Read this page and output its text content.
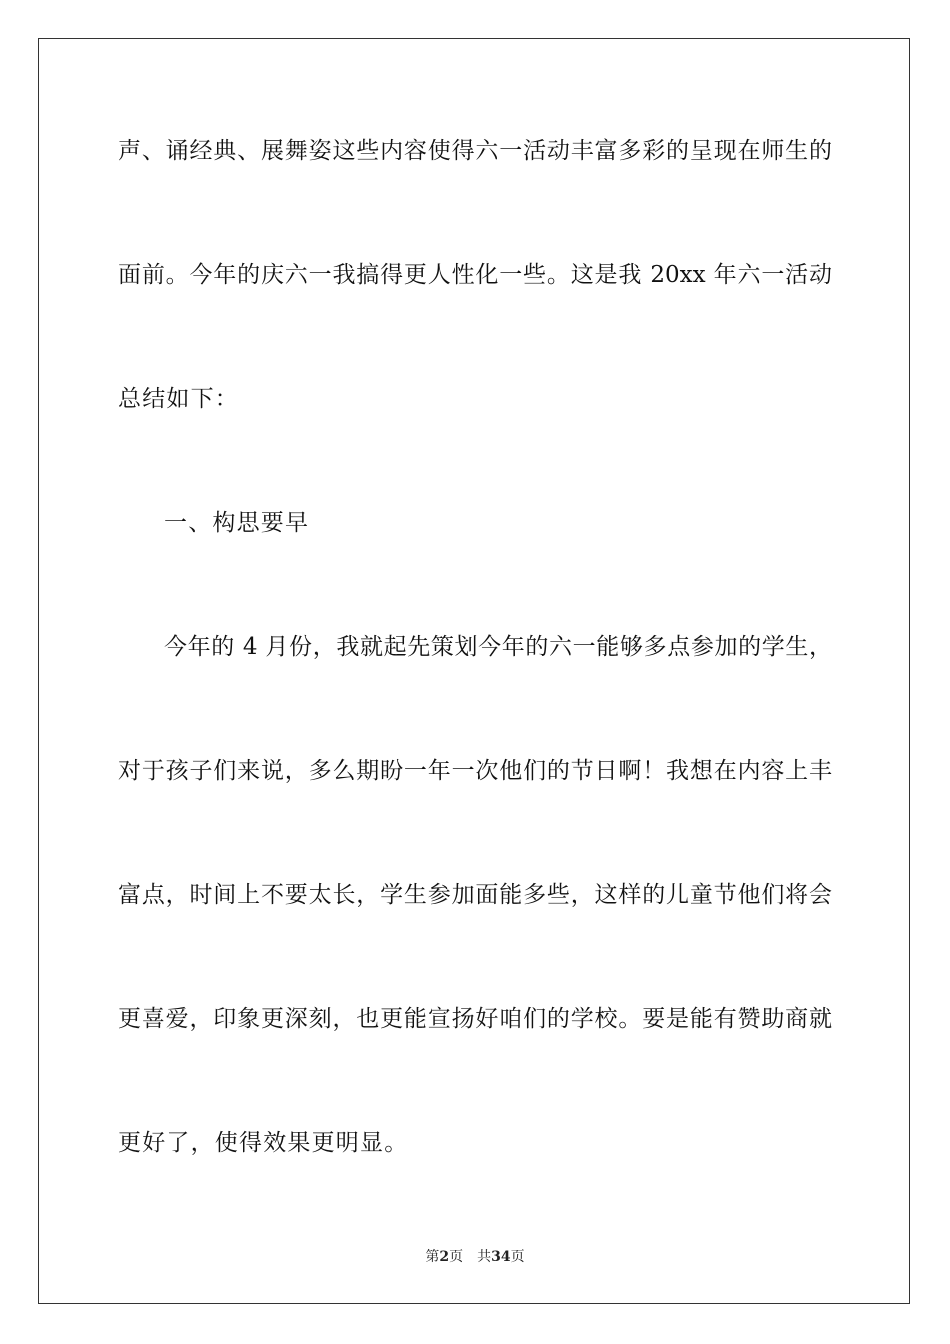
声、诵经典、展舞姿这些内容使得六一活动丰富多彩的呈现在师生的
面前。今年的庆六一我搞得更人性化一些。这是我 20xx 年六一活动
总结如下：
一、构思要早
今年的 4 月份，我就起先策划今年的六一能够多点参加的学生，
对于孩子们来说，多么期盼一年一次他们的节日啊！我想在内容上丰
富点，时间上不要太长，学生参加面能多些，这样的儿童节他们将会
更喜爱，印象更深刻，也更能宣扬好咱们的学校。要是能有赞助商就
更好了，使得效果更明显。
第2页 共34页
